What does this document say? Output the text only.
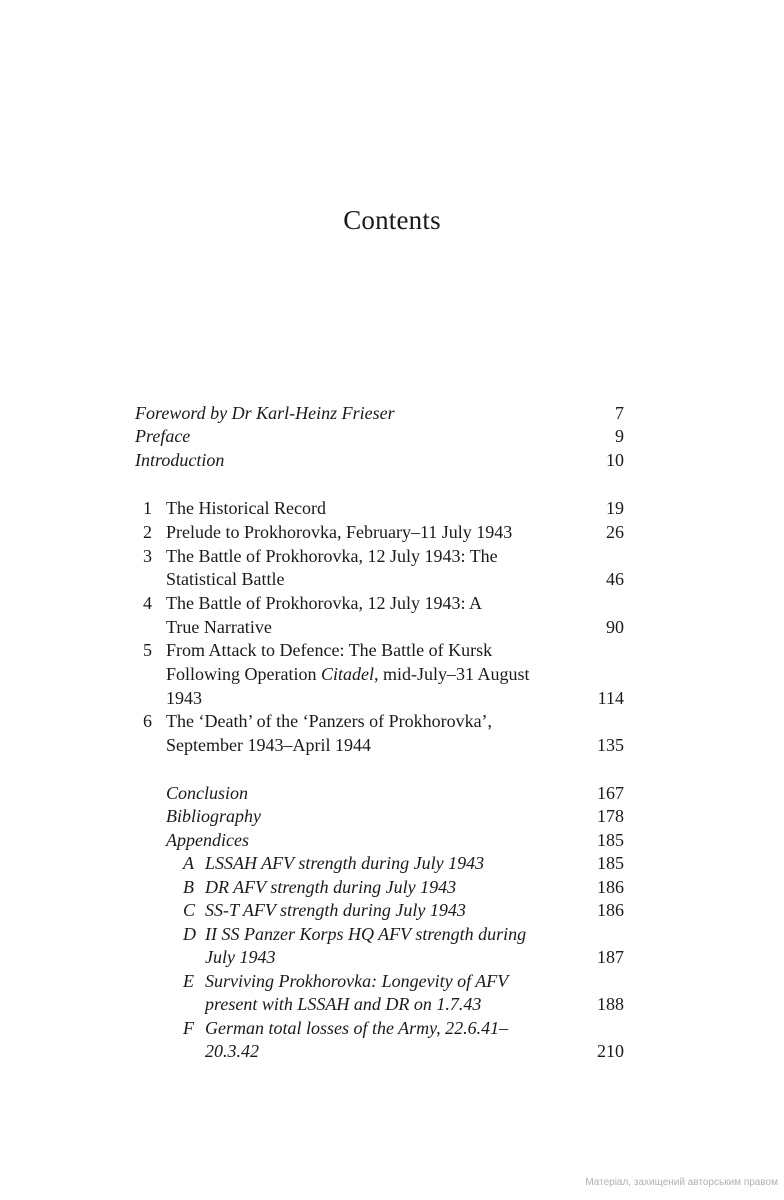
Contents
Foreword by Dr Karl-Heinz Frieser	7
Preface	9
Introduction	10
1 The Historical Record	19
2 Prelude to Prokhorovka, February–11 July 1943	26
3 The Battle of Prokhorovka, 12 July 1943: The
Statistical Battle	46
4 The Battle of Prokhorovka, 12 July 1943: A
True Narrative	90
5 From Attack to Defence: The Battle of Kursk
Following Operation Citadel, mid-July–31 August
1943	114
6 The ‘Death’ of the ‘Panzers of Prokhorovka’,
September 1943–April 1944	135
Conclusion	167
Bibliography	178
Appendices	185
A LSSAH AFV strength during July 1943	185
B DR AFV strength during July 1943	186
C SS-T AFV strength during July 1943	186
D II SS Panzer Korps HQ AFV strength during
July 1943	187
E Surviving Prokhorovka: Longevity of AFV
present with LSSAH and DR on 1.7.43	188
F German total losses of the Army, 22.6.41–
20.3.42	210
Матеріал, захищений авторським правом
